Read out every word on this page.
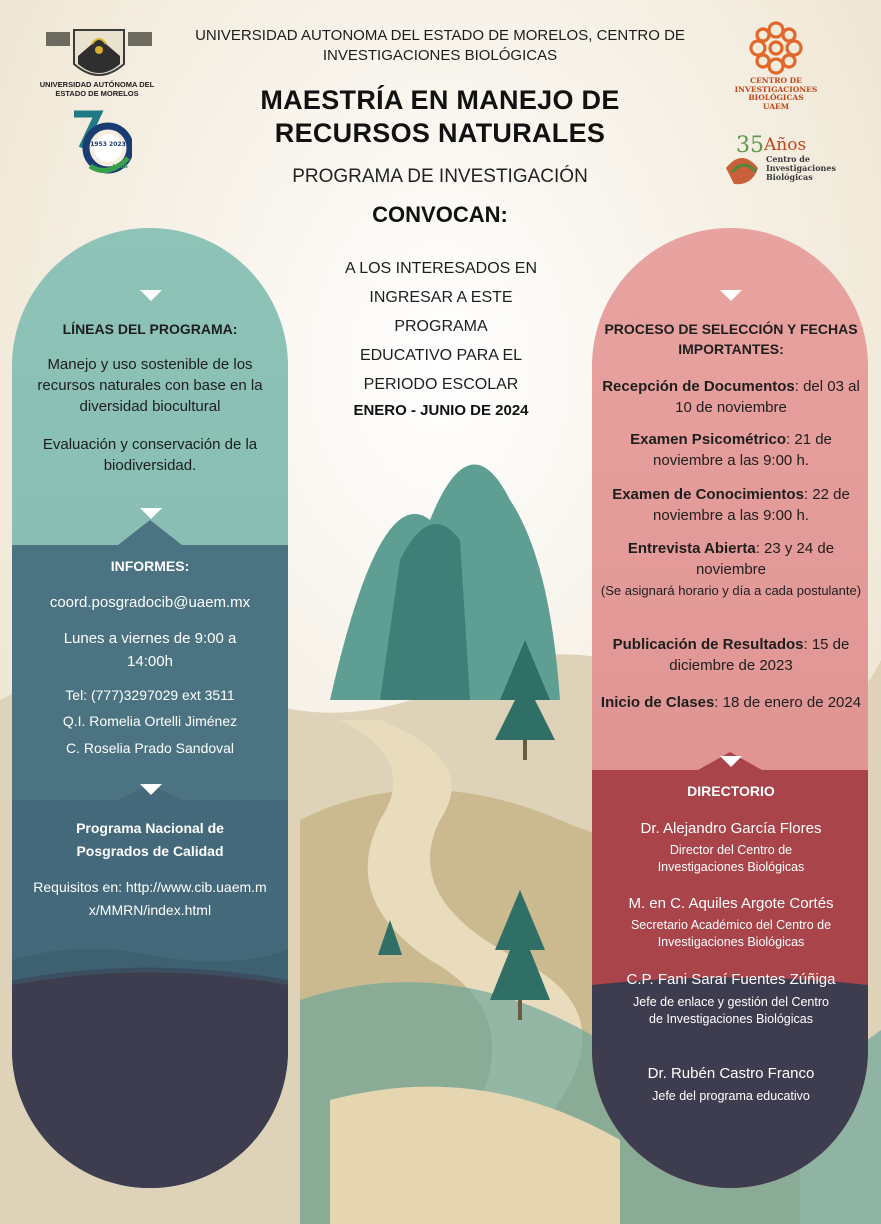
UNIVERSIDAD AUTÓNOMA DEL
ESTADO DE MORELOS
1953 2023
AÑOS
CENTRO DE
INVESTIGACIONES
BIOLÓGICAS
UAEM
35 Años
Centro de
Investigaciones
Biológicas
UNIVERSIDAD AUTONOMA DEL ESTADO DE MORELOS, CENTRO DE INVESTIGACIONES BIOLÓGICAS
MAESTRÍA EN MANEJO DE
RECURSOS NATURALES
PROGRAMA DE INVESTIGACIÓN
CONVOCAN:
A LOS INTERESADOS EN
INGRESAR A ESTE
PROGRAMA
EDUCATIVO PARA EL
PERIODO ESCOLAR
ENERO - JUNIO DE 2024
LÍNEAS DEL PROGRAMA:
Manejo y uso sostenible de los recursos naturales con base en la diversidad biocultural
Evaluación y conservación de la biodiversidad.
INFORMES:
coord.posgradocib@uaem.mx
Lunes a viernes de 9:00 a 14:00h
Tel: (777)3297029 ext 3511
Q.I. Romelia Ortelli Jiménez
C. Roselia Prado Sandoval
Programa Nacional de Posgrados de Calidad
Requisitos en: http://www.cib.uaem.mx/MMRN/index.html
PROCESO DE SELECCIÓN Y FECHAS IMPORTANTES:
Recepción de Documentos: del 03 al 10 de noviembre
Examen Psicométrico: 21 de noviembre a las 9:00 h.
Examen de Conocimientos: 22 de noviembre a las 9:00 h.
Entrevista Abierta: 23 y 24 de noviembre
(Se asignará horario y día a cada postulante)
Publicación de Resultados: 15 de diciembre de 2023
Inicio de Clases: 18 de enero de 2024
DIRECTORIO
Dr. Alejandro García Flores
Director del Centro de Investigaciones Biológicas
M. en C. Aquiles Argote Cortés
Secretario Académico del Centro de Investigaciones Biológicas
C.P. Fani Saraí Fuentes Zúñiga
Jefe de enlace y gestión del Centro de Investigaciones Biológicas
Dr. Rubén Castro Franco
Jefe del programa educativo
